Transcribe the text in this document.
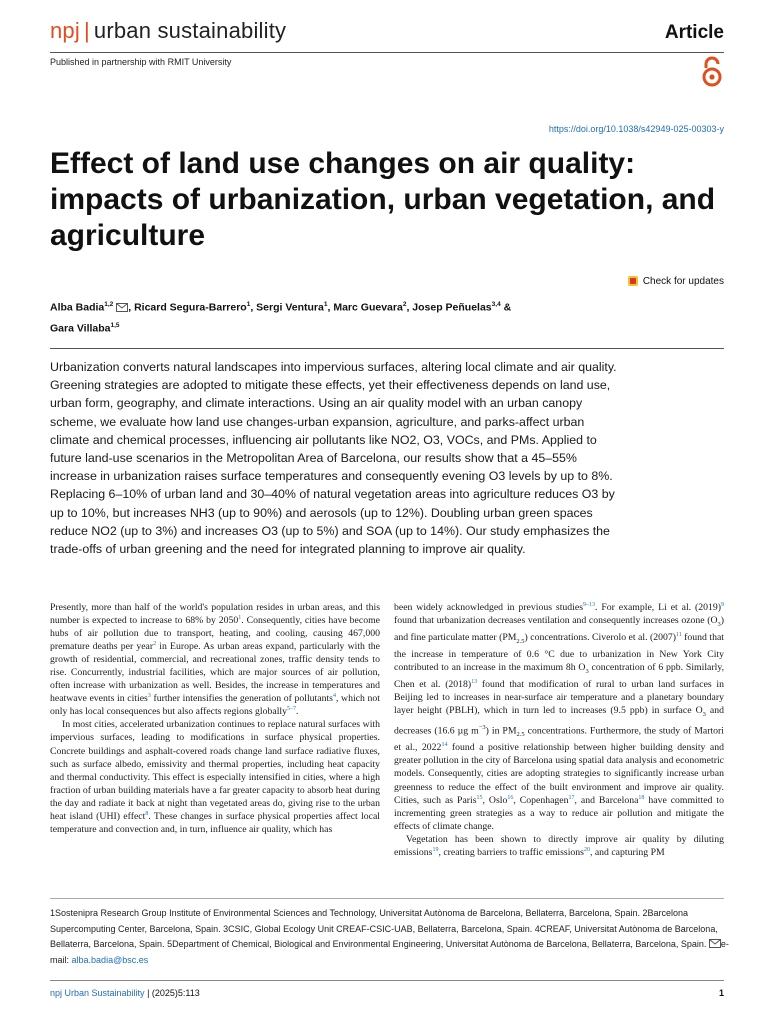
npj | urban sustainability	Article
Published in partnership with RMIT University
https://doi.org/10.1038/s42949-025-00303-y
Effect of land use changes on air quality: impacts of urbanization, urban vegetation, and agriculture
Check for updates
Alba Badia$^{1,2}$ , Ricard Segura-Barrero$^1$, Sergi Ventura$^1$, Marc Guevara$^2$, Josep Peñuelas$^{3,4}$ &
Gara Villaba$^{1,5}$
Urbanization converts natural landscapes into impervious surfaces, altering local climate and air quality. Greening strategies are adopted to mitigate these effects, yet their effectiveness depends on land use, urban form, geography, and climate interactions. Using an air quality model with an urban canopy scheme, we evaluate how land use changes-urban expansion, agriculture, and parks-affect urban climate and chemical processes, influencing air pollutants like NO2, O3, VOCs, and PMs. Applied to future land-use scenarios in the Metropolitan Area of Barcelona, our results show that a 45–55% increase in urbanization raises surface temperatures and consequently evening O3 levels by up to 8%. Replacing 6–10% of urban land and 30–40% of natural vegetation areas into agriculture reduces O3 by up to 10%, but increases NH3 (up to 90%) and aerosols (up to 12%). Doubling urban green spaces reduce NO2 (up to 3%) and increases O3 (up to 5%) and SOA (up to 14%). Our study emphasizes the trade-offs of urban greening and the need for integrated planning to improve air quality.

Presently, more than half of the world's population resides in urban areas, and this number is expected to increase to 68% by 2050$^1$. Consequently, cities have become hubs of air pollution due to transport, heating, and cooling, causing 467,000 premature deaths per year$^2$ in Europe. As urban areas expand, particularly with the growth of residential, commercial, and recreational zones, traffic density tends to rise. Concurrently, industrial facilities, which are major sources of air pollution, often increase with urbanization as well. Besides, the increase in temperatures and heatwave events in cities$^3$ further intensifies the generation of pollutants$^4$, which not only has local consequences but also affects regions globally$^{5-7}$.

In most cities, accelerated urbanization continues to replace natural surfaces with impervious surfaces, leading to modifications in surface physical properties. Concrete buildings and asphalt-covered roads change land surface radiative fluxes, such as surface albedo, emissivity and thermal properties, including heat capacity and thermal conductivity. This effect is especially intensified in cities, where a high fraction of urban building materials have a far greater capacity to absorb heat during the day and radiate it back at night than vegetated areas do, giving rise to the urban heat island (UHI) effect$^8$. These changes in surface physical properties affect local temperature and convection and, in turn, influence air quality, which has

been widely acknowledged in previous studies$^{9-13}$. For example, Li et al. (2019)$^9$ found that urbanization decreases ventilation and consequently increases ozone $(O_3)$ and fine particulate matter $(PM_{2.5})$ concentrations. Civerolo et al. (2007)$^{11}$ found that the increase in temperature of 0.6 °C due to urbanization in New York City contributed to an increase in the maximum 8h $O_3$ concentration of 6 ppb. Similarly, Chen et al. (2018)$^{13}$ found that modification of rural to urban land surfaces in Beijing led to increases in near-surface air temperature and a planetary boundary layer height (PBLH), which in turn led to increases (9.5 ppb) in surface $O_3$ and decreases (16.6 µg $m^{-3}$) in $PM_{2.5}$ concentrations. Furthermore, the study of Martori et al., 2022$^{14}$ found a positive relationship between higher building density and greater pollution in the city of Barcelona using spatial data analysis and econometric models. Consequently, cities are adopting strategies to significantly increase urban greenness to reduce the effect of the built environment and improve air quality. Cities, such as Paris$^{15}$, Oslo$^{16}$, Copenhagen$^{17}$, and Barcelona$^{18}$ have committed to incrementing green strategies as a way to reduce air pollution and mitigate the effects of climate change.

Vegetation has been shown to directly improve air quality by diluting emissions$^{19}$, creating barriers to traffic emissions$^{20}$, and capturing PM

1Sostenipra Research Group Institute of Environmental Sciences and Technology, Universitat Autònoma de Barcelona, Bellaterra, Barcelona, Spain. 2Barcelona Supercomputing Center, Barcelona, Spain. 3CSIC, Global Ecology Unit CREAF-CSIC-UAB, Bellaterra, Barcelona, Spain. 4CREAF, Universitat Autònoma de Barcelona, Bellaterra, Barcelona, Spain. 5Department of Chemical, Biological and Environmental Engineering, Universitat Autònoma de Barcelona, Bellaterra, Barcelona, Spain. e-mail: alba.badia@bsc.es
npj Urban Sustainability | (2025)5:113	1
